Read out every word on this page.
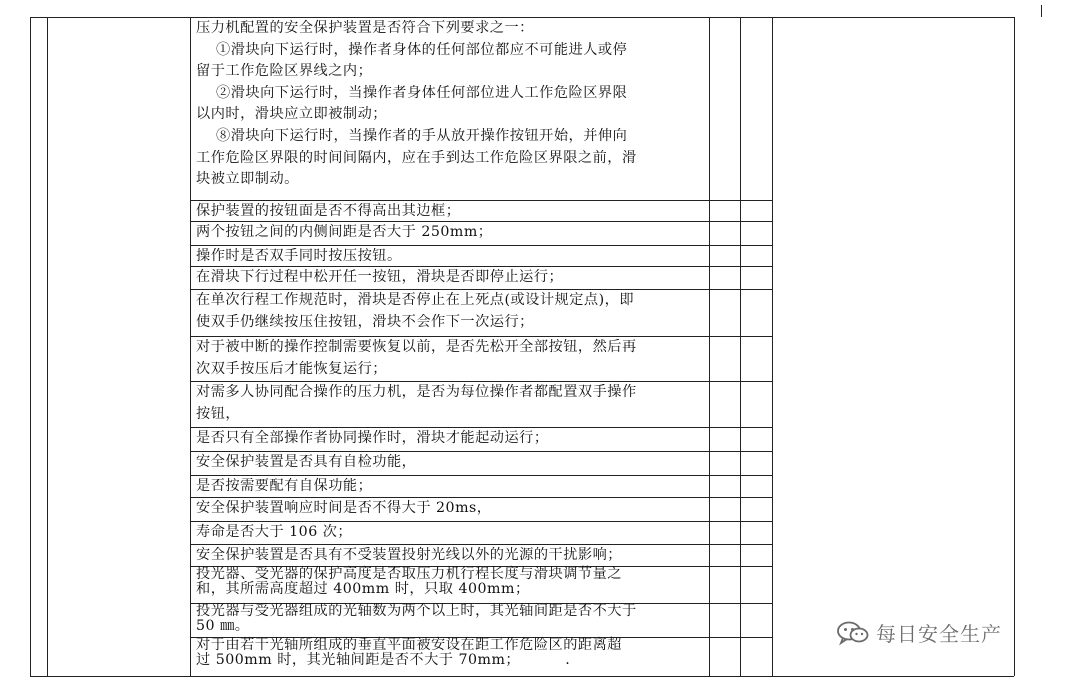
压力机配置的安全保护装置是否符合下列要求之一：
①滑块向下运行时，操作者身体的任何部位都应不可能进人或停
留于工作危险区界线之内；
②滑块向下运行时，当操作者身体任何部位进人工作危险区界限
以内时，滑块应立即被制动；
⑧滑块向下运行时，当操作者的手从放开操作按钮开始，并伸向
工作危险区界限的时间间隔内，应在手到达工作危险区界限之前，滑
块被立即制动。
保护装置的按钮面是否不得高出其边框；
两个按钮之间的内侧间距是否大于 250mm；
操作时是否双手同时按压按钮。
在滑块下行过程中松开任一按钮，滑块是否即停止运行；
在单次行程工作规范时，滑块是否停止在上死点(或设计规定点)，即
使双手仍继续按压住按钮，滑块不会作下一次运行；
对于被中断的操作控制需要恢复以前，是否先松开全部按钮，然后再
次双手按压后才能恢复运行；
对需多人协同配合操作的压力机，是否为每位操作者都配置双手操作
按钮，
是否只有全部操作者协同操作时，滑块才能起动运行；
安全保护装置是否具有自检功能，
是否按需要配有自保功能；
安全保护装置响应时间是否不得大于 20ms，
寿命是否大于 106 次；
安全保护装置是否具有不受装置投射光线以外的光源的干扰影响；
投光器、受光器的保护高度是否取压力机行程长度与滑块调节量之
和，其所需高度超过 400mm 时，只取 400mm；
投光器与受光器组成的光轴数为两个以上时，其光轴间距是否不大于
50 ㎜。
对于由若干光轴所组成的垂直平面被安设在距工作危险区的距离超
过 500mm 时，其光轴间距是否不大于 70mm；         .
每日安全生产
